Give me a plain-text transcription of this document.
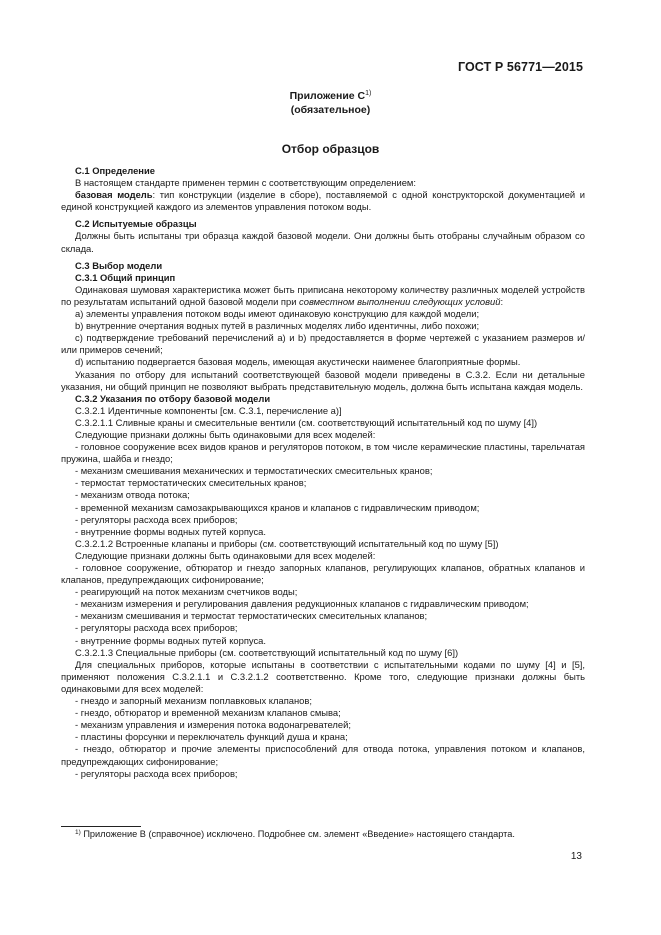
ГОСТ Р 56771—2015
Приложение $С^{1)}$
(обязательное)
Отбор образцов

С.1 Определение

В настоящем стандарте применен термин с соответствующим определением:

базовая модель: тип конструкции (изделие в сборе), поставляемой с одной конструкторской документацией и единой конструкцией каждого из элементов управления потоком воды.

С.2 Испытуемые образцы

Должны быть испытаны три образца каждой базовой модели. Они должны быть отобраны случайным образом со склада.

С.3 Выбор модели

С.3.1 Общий принцип

Одинаковая шумовая характеристика может быть приписана некоторому количеству различных моделей устройств по результатам испытаний одной базовой модели при совместном выполнении следующих условий:

а) элементы управления потоком воды имеют одинаковую конструкцию для каждой модели;

b) внутренние очертания водных путей в различных моделях либо идентичны, либо похожи;

c) подтверждение требований перечислений а) и b) предоставляется в форме чертежей с указанием размеров и/или примеров сечений;

d) испытанию подвергается базовая модель, имеющая акустически наименее благоприятные формы.

Указания по отбору для испытаний соответствующей базовой модели приведены в С.3.2. Если ни детальные указания, ни общий принцип не позволяют выбрать представительную модель, должна быть испытана каждая модель.

С.3.2 Указания по отбору базовой модели

С.3.2.1 Идентичные компоненты [см. С.3.1, перечисление а)]

С.3.2.1.1 Сливные краны и смесительные вентили (см. соответствующий испытательный код по шуму [4])

Следующие признаки должны быть одинаковыми для всех моделей:

- головное сооружение всех видов кранов и регуляторов потоком, в том числе керамические пластины, тарельчатая пружина, шайба и гнездо;

- механизм смешивания механических и термостатических смесительных кранов;

- термостат термостатических смесительных кранов;

- механизм отвода потока;

- временной механизм самозакрывающихся кранов и клапанов с гидравлическим приводом;

- регуляторы расхода всех приборов;

- внутренние формы водных путей корпуса.

С.3.2.1.2 Встроенные клапаны и приборы (см. соответствующий испытательный код по шуму [5])

Следующие признаки должны быть одинаковыми для всех моделей:

- головное сооружение, обтюратор и гнездо запорных клапанов, регулирующих клапанов, обратных клапанов и клапанов, предупреждающих сифонирование;

- реагирующий на поток механизм счетчиков воды;

- механизм измерения и регулирования давления редукционных клапанов с гидравлическим приводом;

- механизм смешивания и термостат термостатических смесительных клапанов;

- регуляторы расхода всех приборов;

- внутренние формы водных путей корпуса.

С.3.2.1.3 Специальные приборы (см. соответствующий испытательный код по шуму [6])

Для специальных приборов, которые испытаны в соответствии с испытательными кодами по шуму [4] и [5], применяют положения С.3.2.1.1 и С.3.2.1.2 соответственно. Кроме того, следующие признаки должны быть одинаковыми для всех моделей:

- гнездо и запорный механизм поплавковых клапанов;

- гнездо, обтюратор и временной механизм клапанов смыва;

- механизм управления и измерения потока водонагревателей;

- пластины форсунки и переключатель функций душа и крана;

- гнездо, обтюратор и прочие элементы приспособлений для отвода потока, управления потоком и клапанов, предупреждающих сифонирование;

- регуляторы расхода всех приборов;

$^{1)}$ Приложение В (справочное) исключено. Подробнее см. элемент «Введение» настоящего стандарта.
13
